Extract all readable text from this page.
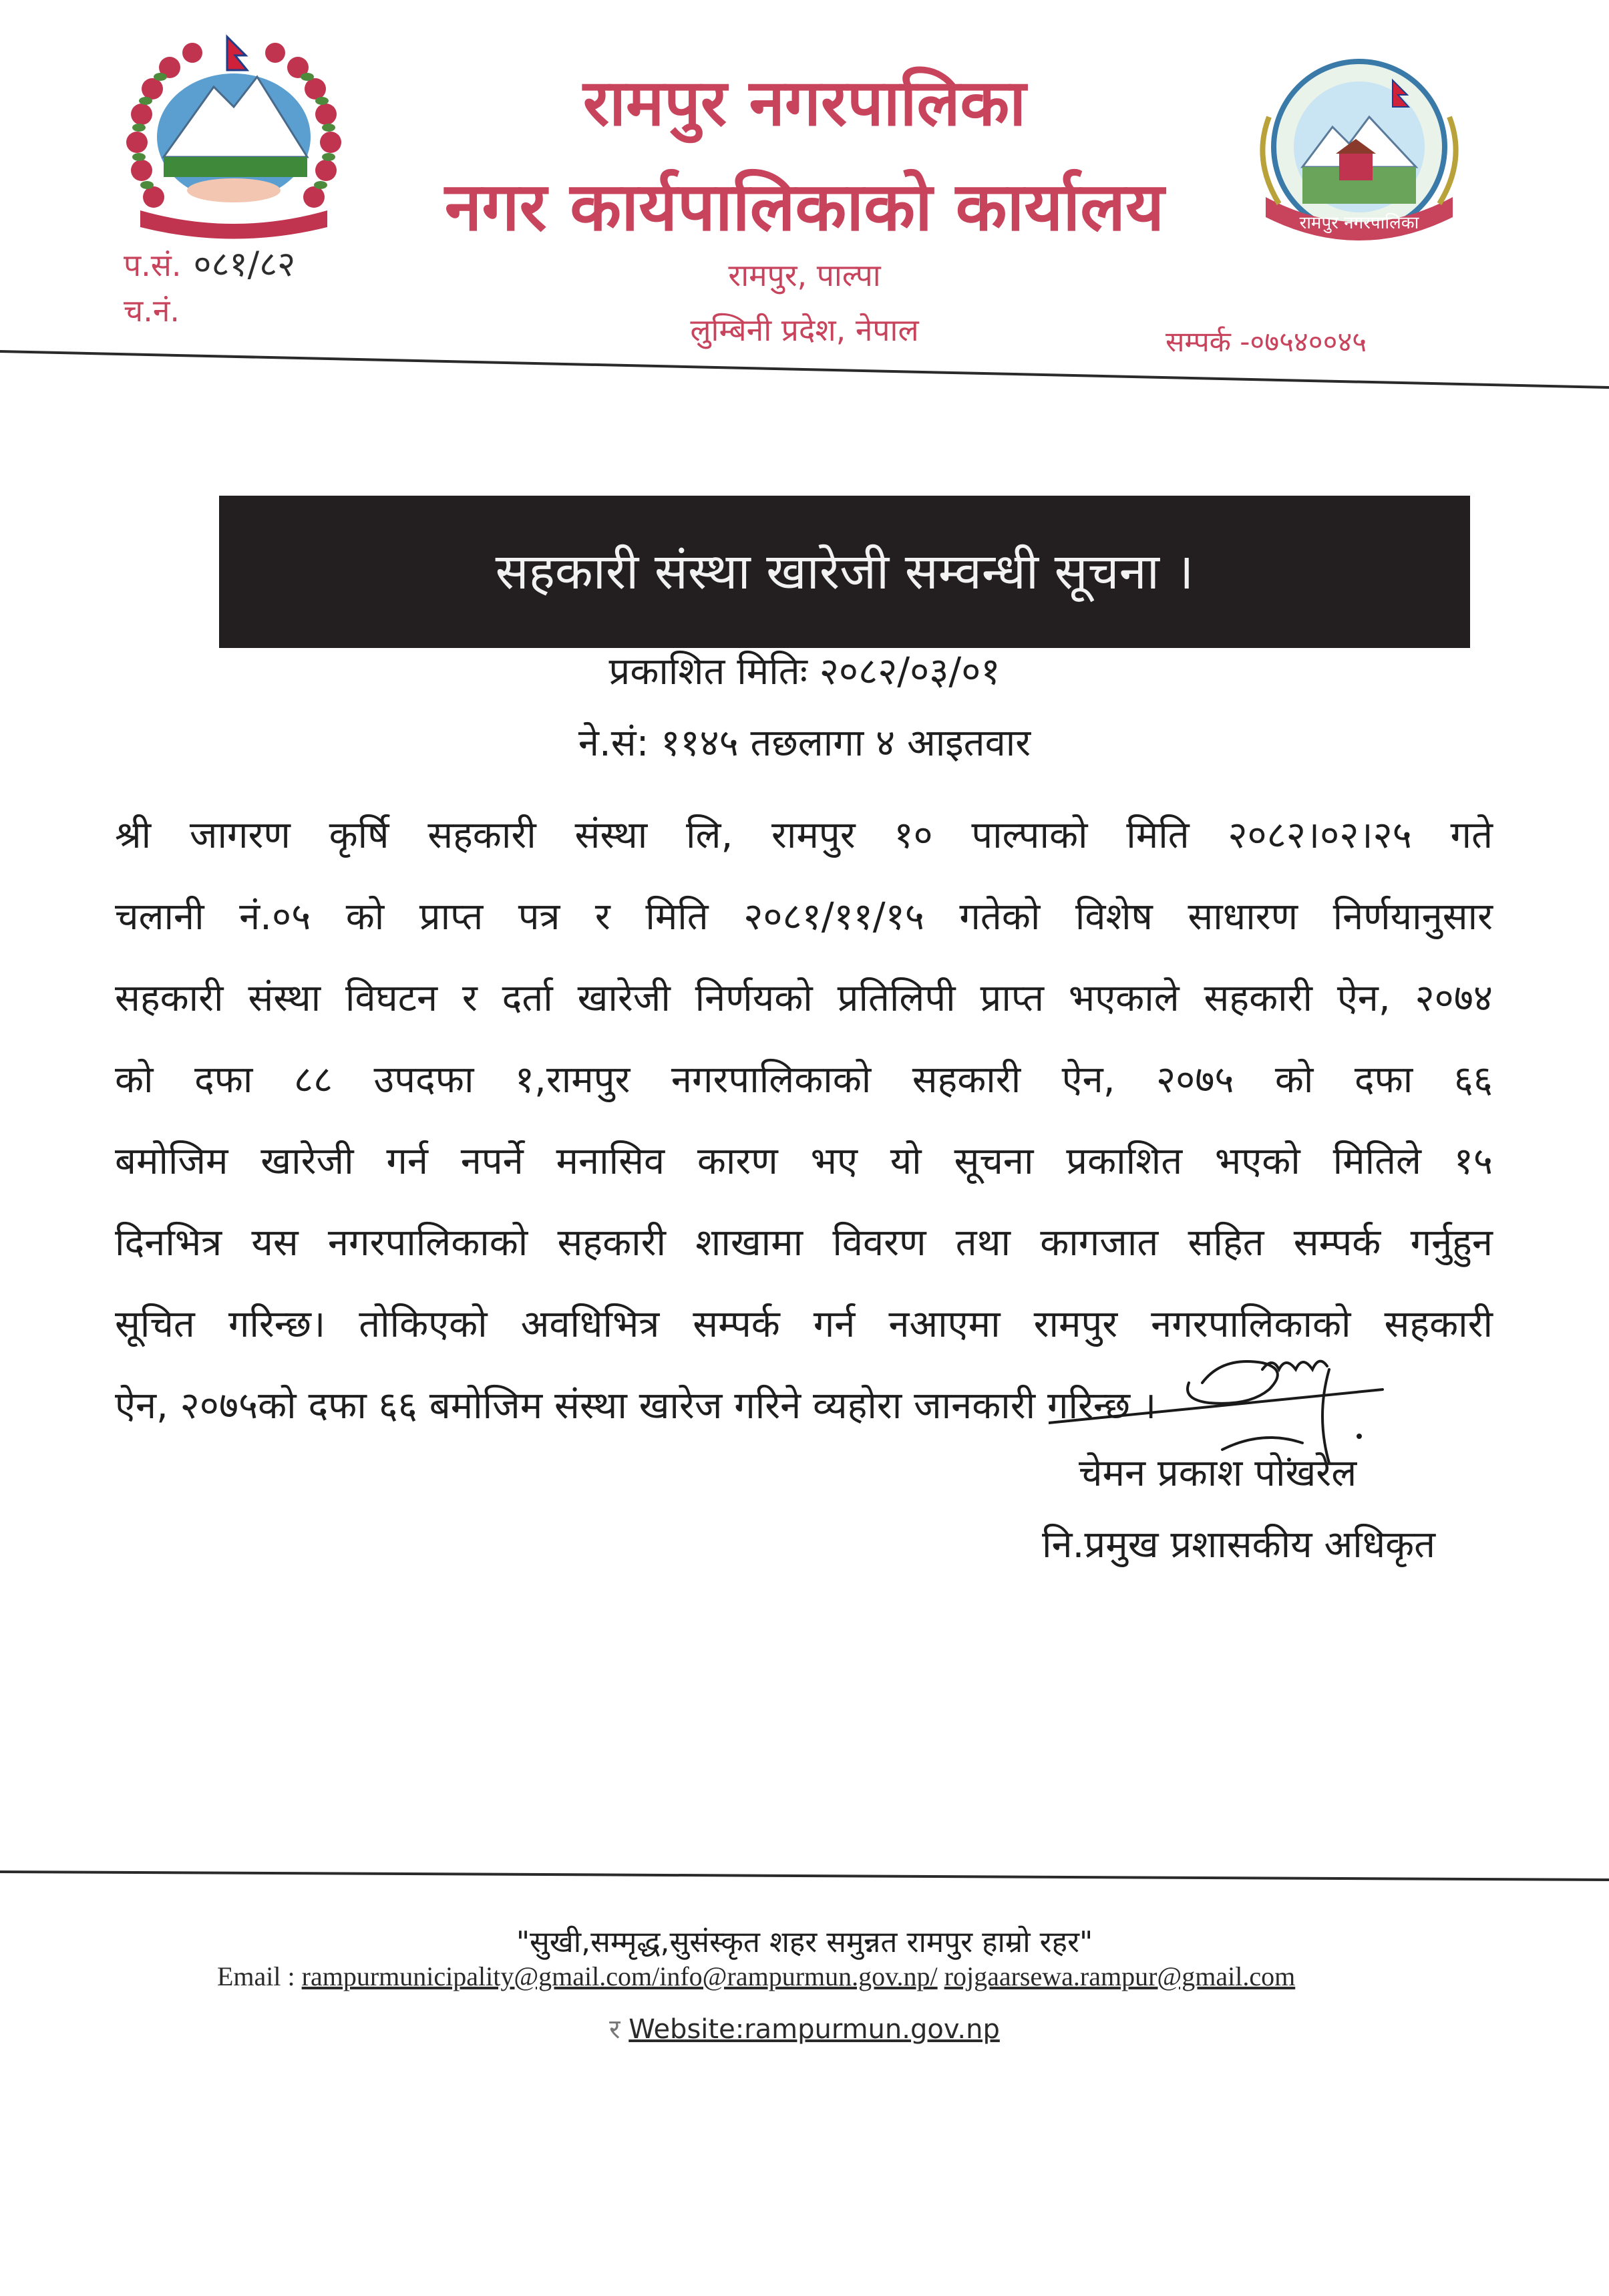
रामपुर नगरपालिका
नगर कार्यपालिकाको कार्यालय
रामपुर, पाल्पा
लुम्बिनी प्रदेश, नेपाल
प.सं. ०८१/८२
च.नं.
रामपुर नगरपालिका
सम्पर्क -०७५४००४५
सहकारी संस्था खारेजी सम्वन्धी सूचना ।
प्रकाशित मितिः २०८२/०३/०१
ने.सं: ११४५ तछलागा ४ आइतवार
श्री जागरण कृर्षि सहकारी संस्था लि, रामपुर १० पाल्पाको मिति २०८२।०२।२५ गते
चलानी नं.०५ को प्राप्त पत्र र मिति २०८१/११/१५ गतेको विशेष साधारण निर्णयानुसार
सहकारी संस्था विघटन र दर्ता खारेजी निर्णयको प्रतिलिपी प्राप्त भएकाले सहकारी ऐन, २०७४
को दफा ८८ उपदफा १,रामपुर नगरपालिकाको सहकारी ऐन, २०७५ को दफा ६६
बमोजिम खारेजी गर्न नपर्ने मनासिव कारण भए यो सूचना प्रकाशित भएको मितिले १५
दिनभित्र यस नगरपालिकाको सहकारी शाखामा विवरण तथा कागजात सहित सम्पर्क गर्नुहुन
सूचित गरिन्छ। तोकिएको अवधिभित्र सम्पर्क गर्न नआएमा रामपुर नगरपालिकाको सहकारी
ऐन, २०७५को दफा ६६ बमोजिम संस्था खारेज गरिने व्यहोरा जानकारी गरिन्छ ।
चेमन प्रकाश पोखरेल
नि.प्रमुख प्रशासकीय अधिकृत
"सुखी,सम्मृद्ध,सुसंस्कृत शहर समुन्नत रामपुर हाम्रो रहर"
Email : rampurmunicipality@gmail.com/info@rampurmun.gov.np/ rojgaarsewa.rampur@gmail.com
र Website:rampurmun.gov.np
